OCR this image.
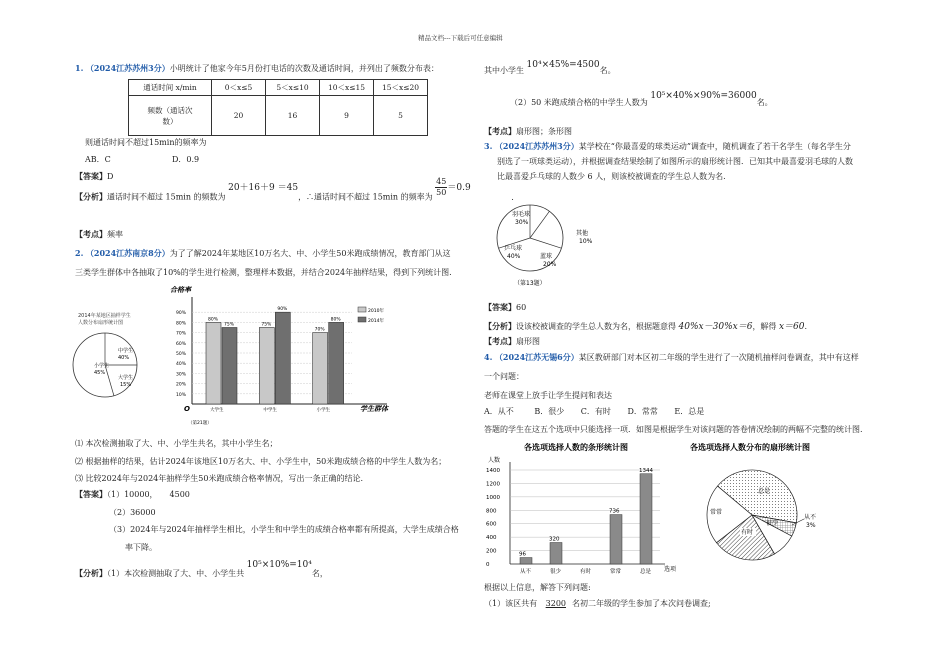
精品文档---下载后可任意编辑
1. （2024江苏苏州3分）小明统计了他家今年5月份打电话的次数及通话时间，并列出了频数分布表：
通话时间 x/min	0＜x≤5	5＜x≤10	10＜x≤15	15＜x≤20
频数（通话次
数）	20	16	9	5
则通话时间不超过15min的频率为
AB．C	D．0.9
【答案】D
【分析】通话时间不超过 15min 的频数为 20＋16＋9 ＝45，∴通话时间不超过 15min 的频率为 $\frac{45}{50}=0.9$ .
【考点】频率
2. （2024江苏南京8分）为了了解2024年某地区10万名大、中、小学生50米跑成绩情况，教育部门从这
三类学生群体中各抽取了10%的学生进行检测，整理样本数据，并结合2024年抽样结果，得到下列统计图.
2014年某地区抽样学生
人数分布扇形统计图
小学生
45%
中学生
40%
大学生
15%
合格率
O	学生群体
（第21题）
10%
20%
30%
40%
50%
60%
70%
80%
90%
80%
75%
大学生
75%
90%
中学生
70%
80%
小学生
2010年
2014年
⑴ 本次检测抽取了大、中、小学生共名，其中小学生名；
⑵ 根据抽样的结果，估计2024年该地区10万名大、中、小学生中，50米跑成绩合格的中学生人数为名；
⑶ 比较2024年与2024年抽样学生50米跑成绩合格率情况，写出一条正确的结论.
【答案】（1）10000，　　4500
（2）36000
（3）2024年与2024年抽样学生相比，小学生和中学生的成绩合格率都有所提高，大学生成绩合格
率下降。
【分析】（1）本次检测抽取了大、中、小学生共 10⁵×10%=10⁴名，
其中小学生 10⁴×45%=4500名。
（2）50 米跑成绩合格的中学生人数为 10⁵×40%×90%=36000名。
【考点】扇形图；条形图
3. （2024江苏苏州3分）某学校在“你最喜爱的球类运动”调查中，随机调查了若干名学生（每名学生分
别选了一项球类运动），并根据调查结果绘制了如图所示的扇形统计图．已知其中最喜爱羽毛球的人数
比最喜爱乒乓球的人数少 6 人，则该校被调查的学生总人数为名.
羽毛球
30%
其他
10%
蓝球
20%
乒乓球
40%
（第13题）
【答案】60
【分析】设该校被调查的学生总人数为名，根据题意得 40%x－30%x＝6，解得 x＝60.
【考点】扇形图
4. （2024江苏无锡6分）某区教研部门对本区初二年级的学生进行了一次随机抽样问卷调查，其中有这样
一个问题：
老师在课堂上放手让学生提问和表达
A．从不	B．很少 C．有时 D．常常 E．总是
答题的学生在这五个选项中只能选择一项．如图是根据学生对该问题的答卷情况绘制的两幅不完整的统计图.
各选项选择人数的条形统计图
人数
选项
0
200
400
600
800
1000
1200
1400
96
从不
320
很少	有时
736
常常
1344
总是
各选项选择人数分布的扇形统计图
总是
常常
有时
很少
从不
3%
根据以上信息，解答下列问题:
（1）该区共有 3200 名初二年级的学生参加了本次问卷调查;
